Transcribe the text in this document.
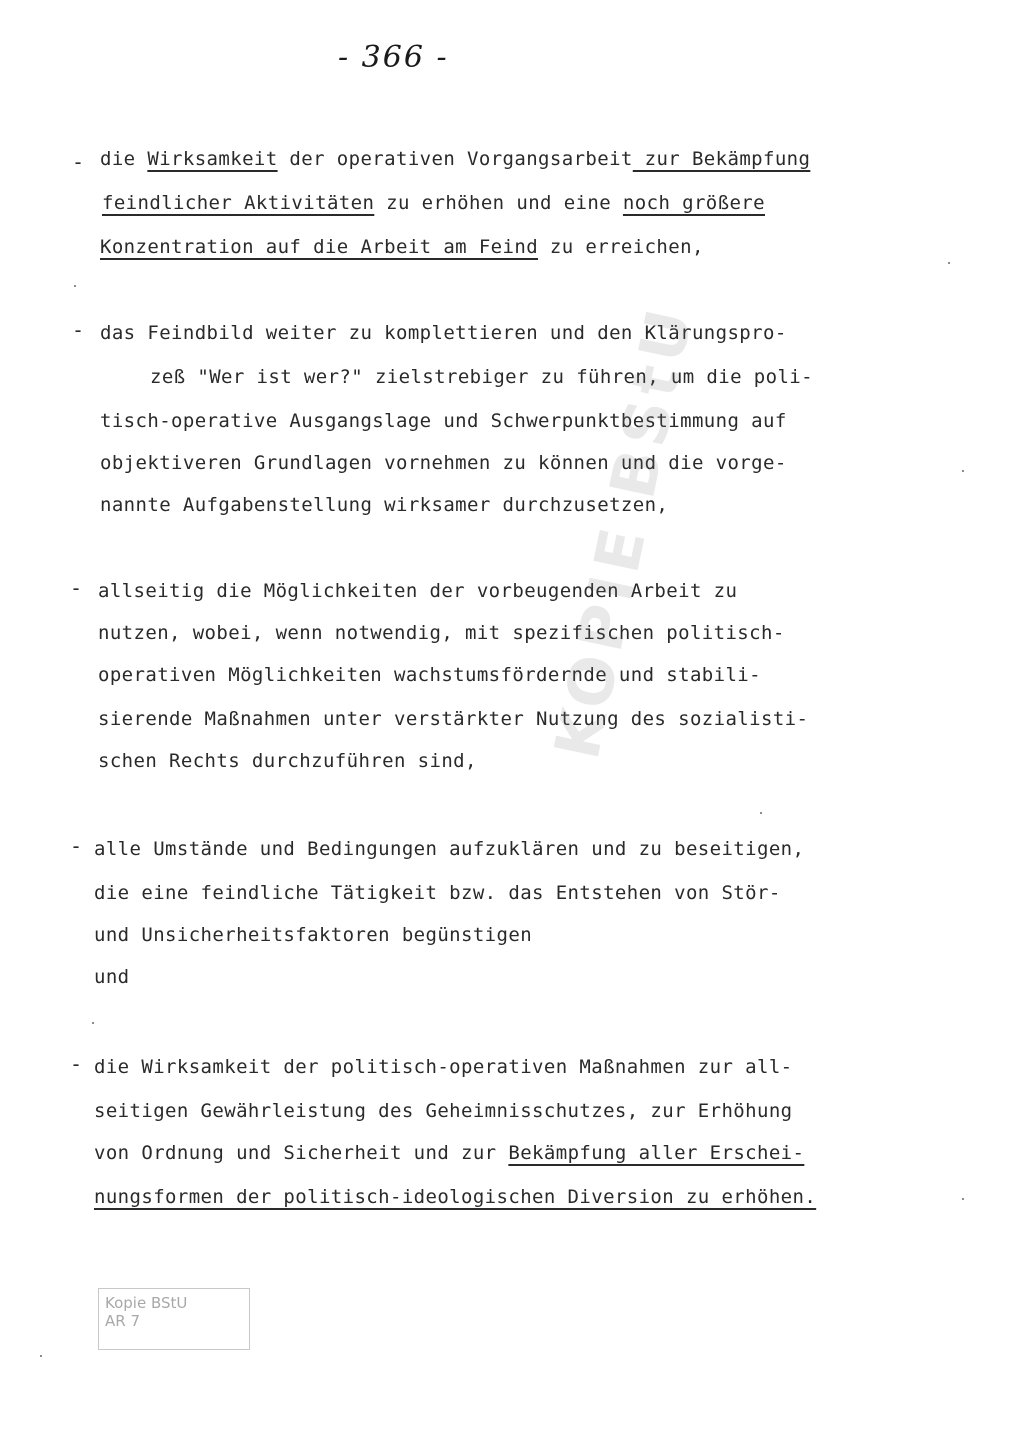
- 366 -
- die Wirksamkeit der operativen Vorgangsarbeit zur Bekämpfung
feindlicher Aktivitäten zu erhöhen und eine noch größere
Konzentration auf die Arbeit am Feind zu erreichen,
- das Feindbild weiter zu komplettieren und den Klärungspro-
zeß "Wer ist wer?" zielstrebiger zu führen, um die poli-
tisch-operative Ausgangslage und Schwerpunktbestimmung auf
objektiveren Grundlagen vornehmen zu können und die vorge-
nannte Aufgabenstellung wirksamer durchzusetzen,
- allseitig die Möglichkeiten der vorbeugenden Arbeit zu
nutzen, wobei, wenn notwendig, mit spezifischen politisch-
operativen Möglichkeiten wachstumsfördernde und stabili-
sierende Maßnahmen unter verstärkter Nutzung des sozialisti-
schen Rechts durchzuführen sind,
- alle Umstände und Bedingungen aufzuklären und zu beseitigen,
die eine feindliche Tätigkeit bzw. das Entstehen von Stör-
und Unsicherheitsfaktoren begünstigen
und
- die Wirksamkeit der politisch-operativen Maßnahmen zur all-
seitigen Gewährleistung des Geheimnisschutzes, zur Erhöhung
von Ordnung und Sicherheit und zur Bekämpfung aller Erschei-
nungsformen der politisch-ideologischen Diversion zu erhöhen.
KOPIE BStU
Kopie BStU
AR 7
